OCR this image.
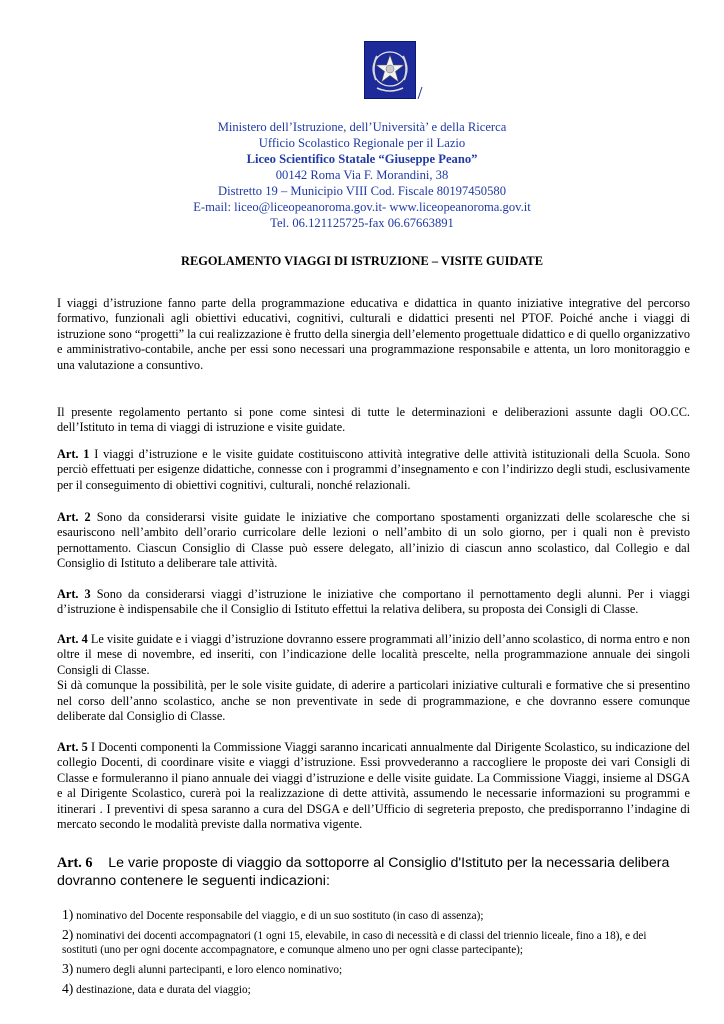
Ministero dell’Istruzione, dell’Università’ e della Ricerca
Ufficio Scolastico Regionale per il Lazio
Liceo Scientifico Statale “Giuseppe Peano”
00142 Roma Via F. Morandini, 38
Distretto 19 – Municipio VIII Cod. Fiscale 80197450580
E-mail: liceo@liceopeanoroma.gov.it- www.liceopeanoroma.gov.it
Tel. 06.121125725-fax 06.67663891
REGOLAMENTO VIAGGI DI ISTRUZIONE – VISITE GUIDATE
I viaggi d’istruzione fanno parte della programmazione educativa e didattica in quanto iniziative integrative del percorso formativo, funzionali agli obiettivi educativi, cognitivi, culturali e didattici presenti nel PTOF. Poiché anche i viaggi di istruzione sono “progetti” la cui realizzazione è frutto della sinergia dell’elemento progettuale didattico e di quello organizzativo e amministrativo-contabile, anche per essi sono necessari una programmazione responsabile e attenta, un loro monitoraggio e una valutazione a consuntivo.
Il presente regolamento pertanto si pone come sintesi di tutte le determinazioni e deliberazioni assunte dagli OO.CC. dell’Istituto in tema di viaggi di istruzione e visite guidate.
Art. 1 I viaggi d’istruzione e le visite guidate costituiscono attività integrative delle attività istituzionali della Scuola. Sono perciò effettuati per esigenze didattiche, connesse con i programmi d’insegnamento e con l’indirizzo degli studi, esclusivamente per il conseguimento di obiettivi cognitivi, culturali, nonché relazionali.
Art. 2 Sono da considerarsi visite guidate le iniziative che comportano spostamenti organizzati delle scolaresche che si esauriscono nell’ambito dell’orario curricolare delle lezioni o nell’ambito di un solo giorno, per i quali non è previsto pernottamento. Ciascun Consiglio di Classe può essere delegato, all’inizio di ciascun anno scolastico, dal Collegio e dal Consiglio di Istituto a deliberare tale attività.
Art. 3 Sono da considerarsi viaggi d’istruzione le iniziative che comportano il pernottamento degli alunni. Per i viaggi d’istruzione è indispensabile che il Consiglio di Istituto effettui la relativa delibera, su proposta dei Consigli di Classe.
Art. 4 Le visite guidate e i viaggi d’istruzione dovranno essere programmati all’inizio dell’anno scolastico, di norma entro e non oltre il mese di novembre, ed inseriti, con l’indicazione delle località prescelte, nella programmazione annuale dei singoli Consigli di Classe.
Si dà comunque la possibilità, per le sole visite guidate, di aderire a particolari iniziative culturali e formative che si presentino nel corso dell’anno scolastico, anche se non preventivate in sede di programmazione, e che dovranno essere comunque deliberate dal Consiglio di Classe.
Art. 5 I Docenti componenti la Commissione Viaggi saranno incaricati annualmente dal Dirigente Scolastico, su indicazione del collegio Docenti, di coordinare visite e viaggi d’istruzione. Essi provvederanno a raccogliere le proposte dei vari Consigli di Classe e formuleranno il piano annuale dei viaggi d’istruzione e delle visite guidate. La Commissione Viaggi, insieme al DSGA e al Dirigente Scolastico, curerà poi la realizzazione di dette attività, assumendo le necessarie informazioni su programmi e itinerari . I preventivi di spesa saranno a cura del DSGA e dell’Ufficio di segreteria preposto, che predisporranno l’indagine di mercato secondo le modalità previste dalla normativa vigente.
Art. 6 Le varie proposte di viaggio da sottoporre al Consiglio d'Istituto per la necessaria delibera dovranno contenere le seguenti indicazioni:
1) nominativo del Docente responsabile del viaggio, e di un suo sostituto (in caso di assenza);
2) nominativi dei docenti accompagnatori (1 ogni 15, elevabile, in caso di necessità e di classi del triennio liceale, fino a 18), e dei sostituti (uno per ogni docente accompagnatore, e comunque almeno uno per ogni classe partecipante);
3) numero degli alunni partecipanti, e loro elenco nominativo;
4) destinazione, data e durata del viaggio;
